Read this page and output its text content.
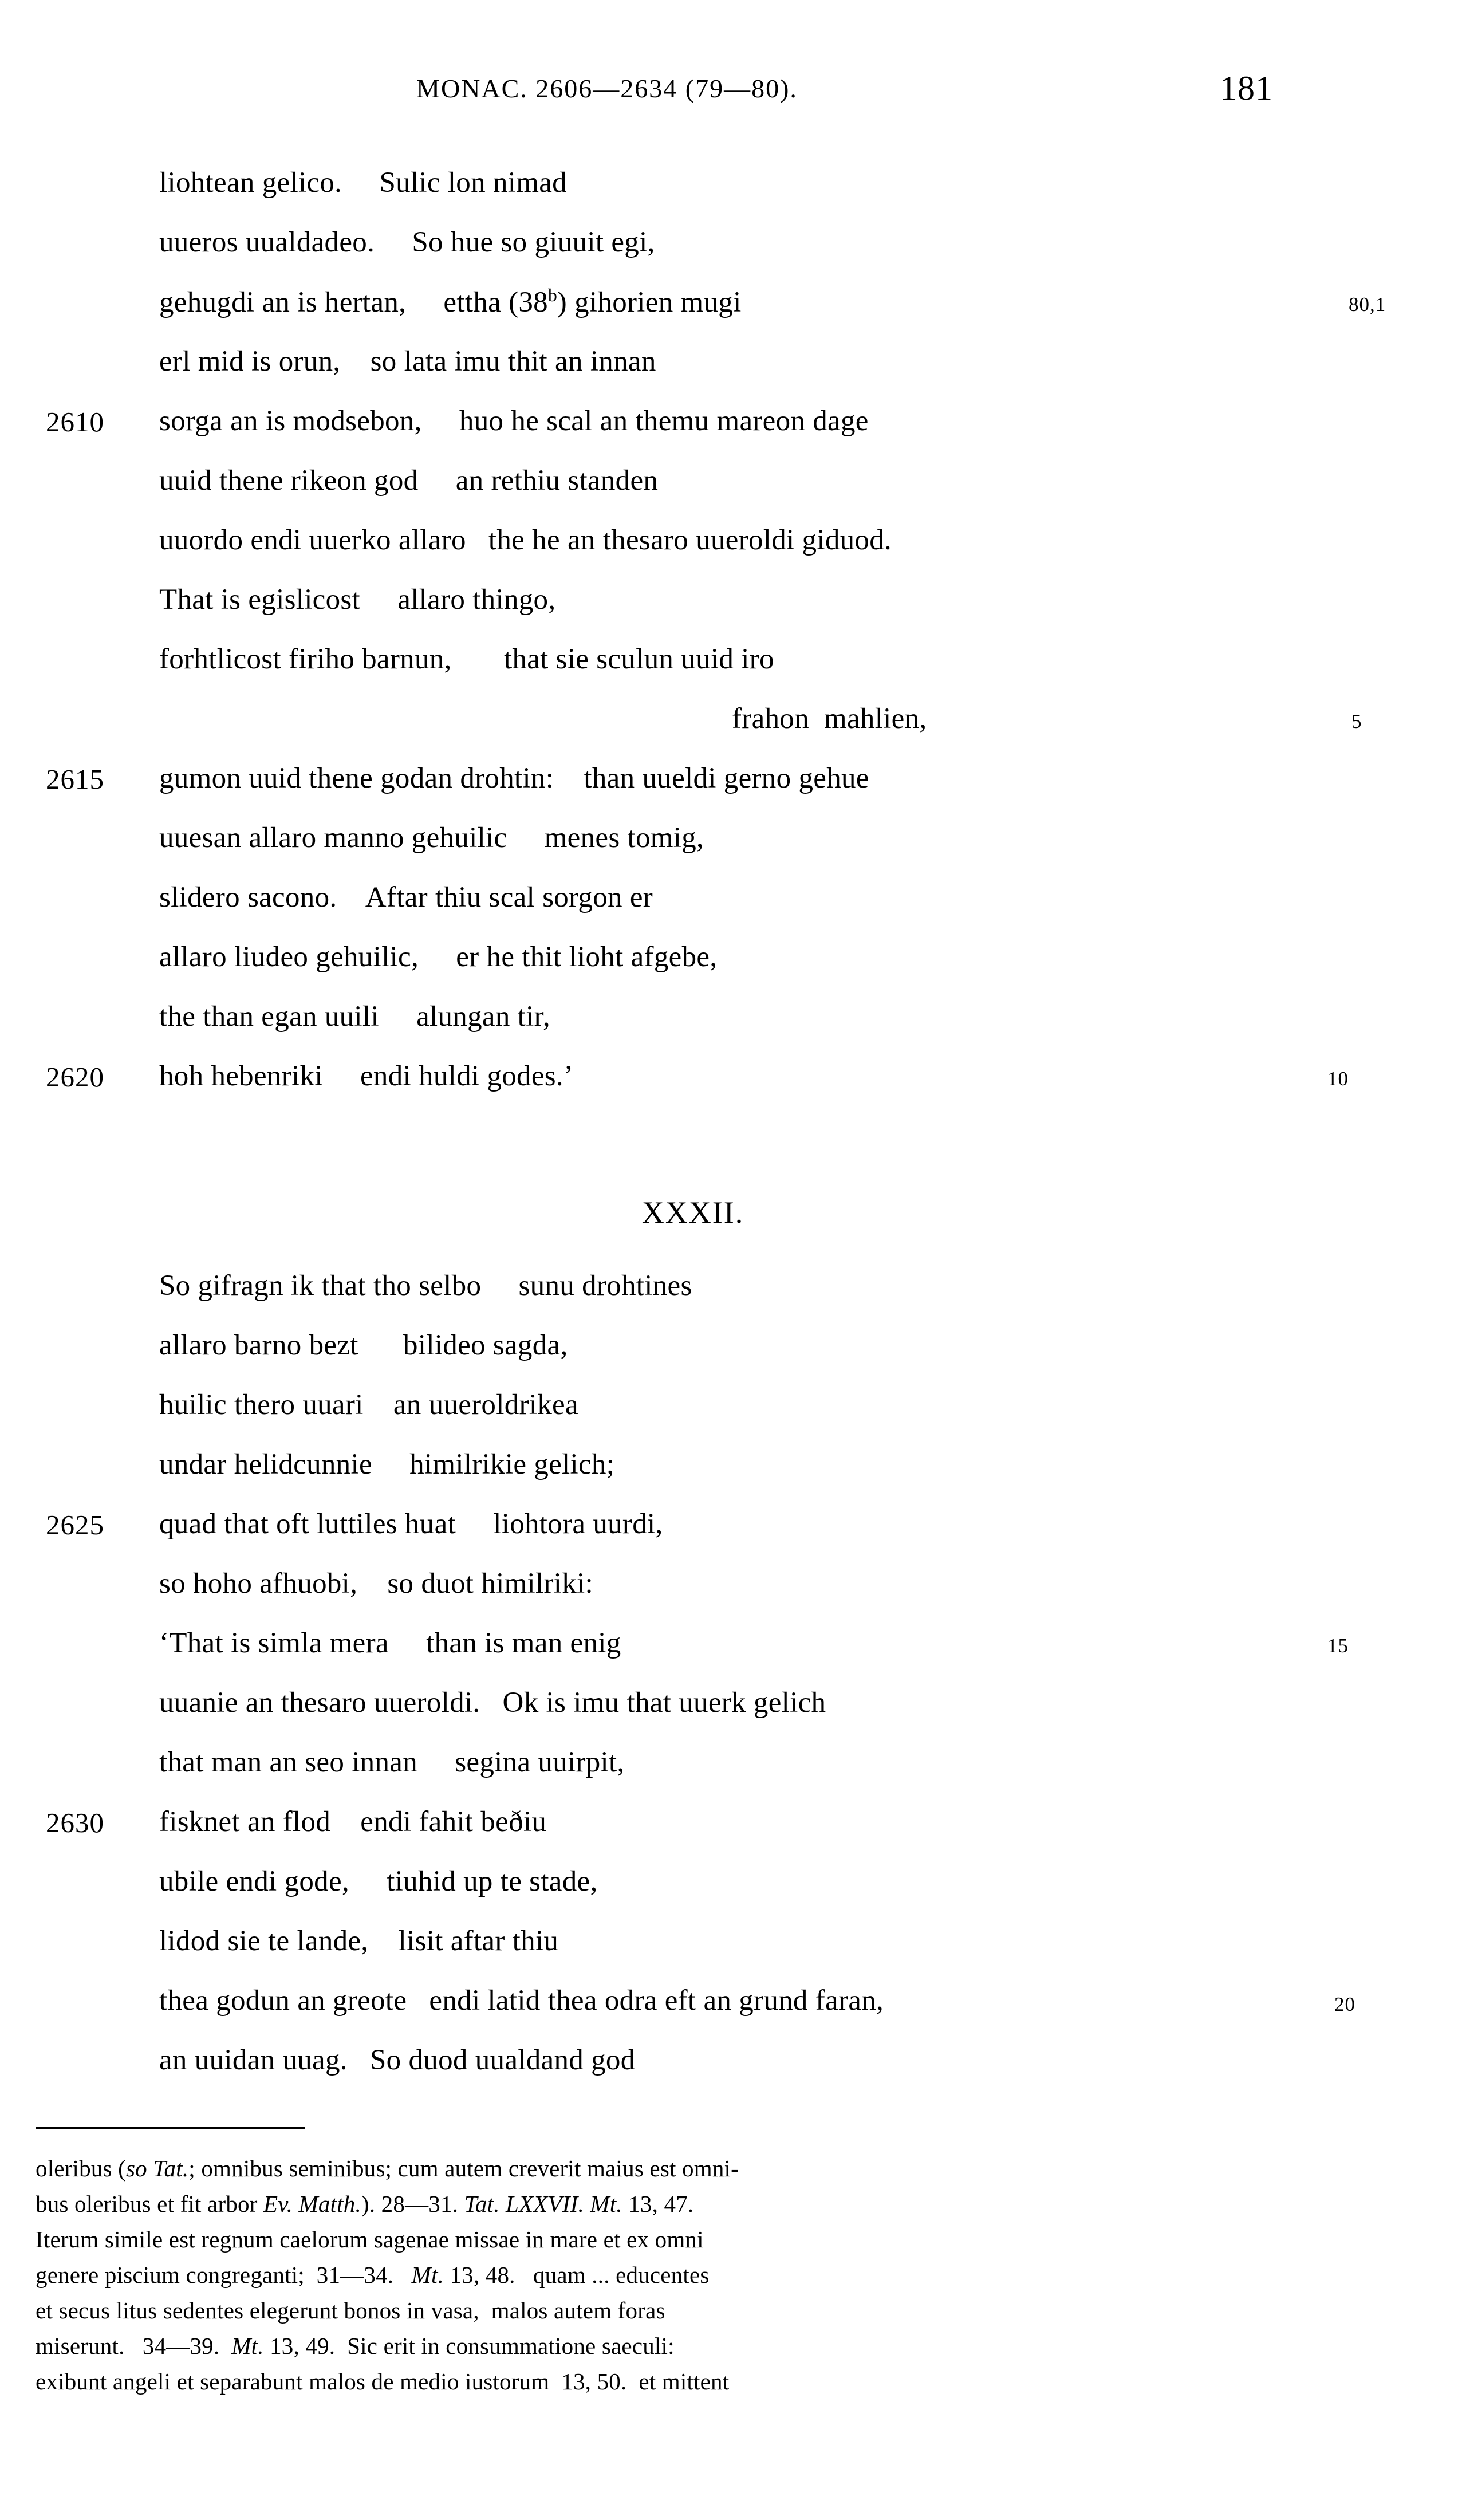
MONAC. 2606—2634 (79—80).	181
liohtean gelico.     Sulic lon nimad
uueros uualdadeo.     So hue so giuuit egi,
gehugdi an is hertan,     ettha (38$^b$) gihorien mugi	80,1
erl mid is orun,    so lata imu thit an innan
2610	sorga an is modsebon,     huo he scal an themu mareon dage
uuid thene rikeon god     an rethiu standen
uuordo endi uuerko allaro   the he an thesaro uueroldi giduod.
That is egislicost     allaro thingo,
forhtlicost firiho barnun,       that sie sculun uuid iro
frahon  mahlien,	5
2615	gumon uuid thene godan drohtin:    than uueldi gerno gehue
uuesan allaro manno gehuilic     menes tomig,
slidero sacono.    Aftar thiu scal sorgon er
allaro liudeo gehuilic,     er he thit lioht afgebe,
the than egan uuili     alungan tir,
2620	hoh hebenriki     endi huldi godes.’	10
XXXII.
So gifragn ik that tho selbo     sunu drohtines
allaro barno bezt      bilideo sagda,
huilic thero uuari    an uueroldrikea
undar helidcunnie     himilrikie gelich;
2625	quad that oft luttiles huat     liohtora uurdi,
so hoho afhuobi,    so duot himilriki:
‘That is simla mera     than is man enig	15
uuanie an thesaro uueroldi.   Ok is imu that uuerk gelich
that man an seo innan     segina uuirpit,
2630	fisknet an flod    endi fahit beðiu
ubile endi gode,     tiuhid up te stade,
lidod sie te lande,    lisit aftar thiu
thea godun an greote   endi latid thea odra eft an grund faran,	20
an uuidan uuag.   So duod uualdand god
oleribus (so Tat.; omnibus seminibus; cum autem creverit maius est omni-
bus oleribus et fit arbor Ev. Matth.). 28—31. Tat. LXXVII. Mt. 13, 47.
Iterum simile est regnum caelorum sagenae missae in mare et ex omni
genere piscium congreganti;  31—34.   Mt. 13, 48.   quam ... educentes
et secus litus sedentes elegerunt bonos in vasa,  malos autem foras
miserunt.   34—39.  Mt. 13, 49.  Sic erit in consummatione saeculi:
exibunt angeli et separabunt malos de medio iustorum  13, 50.  et mittent
